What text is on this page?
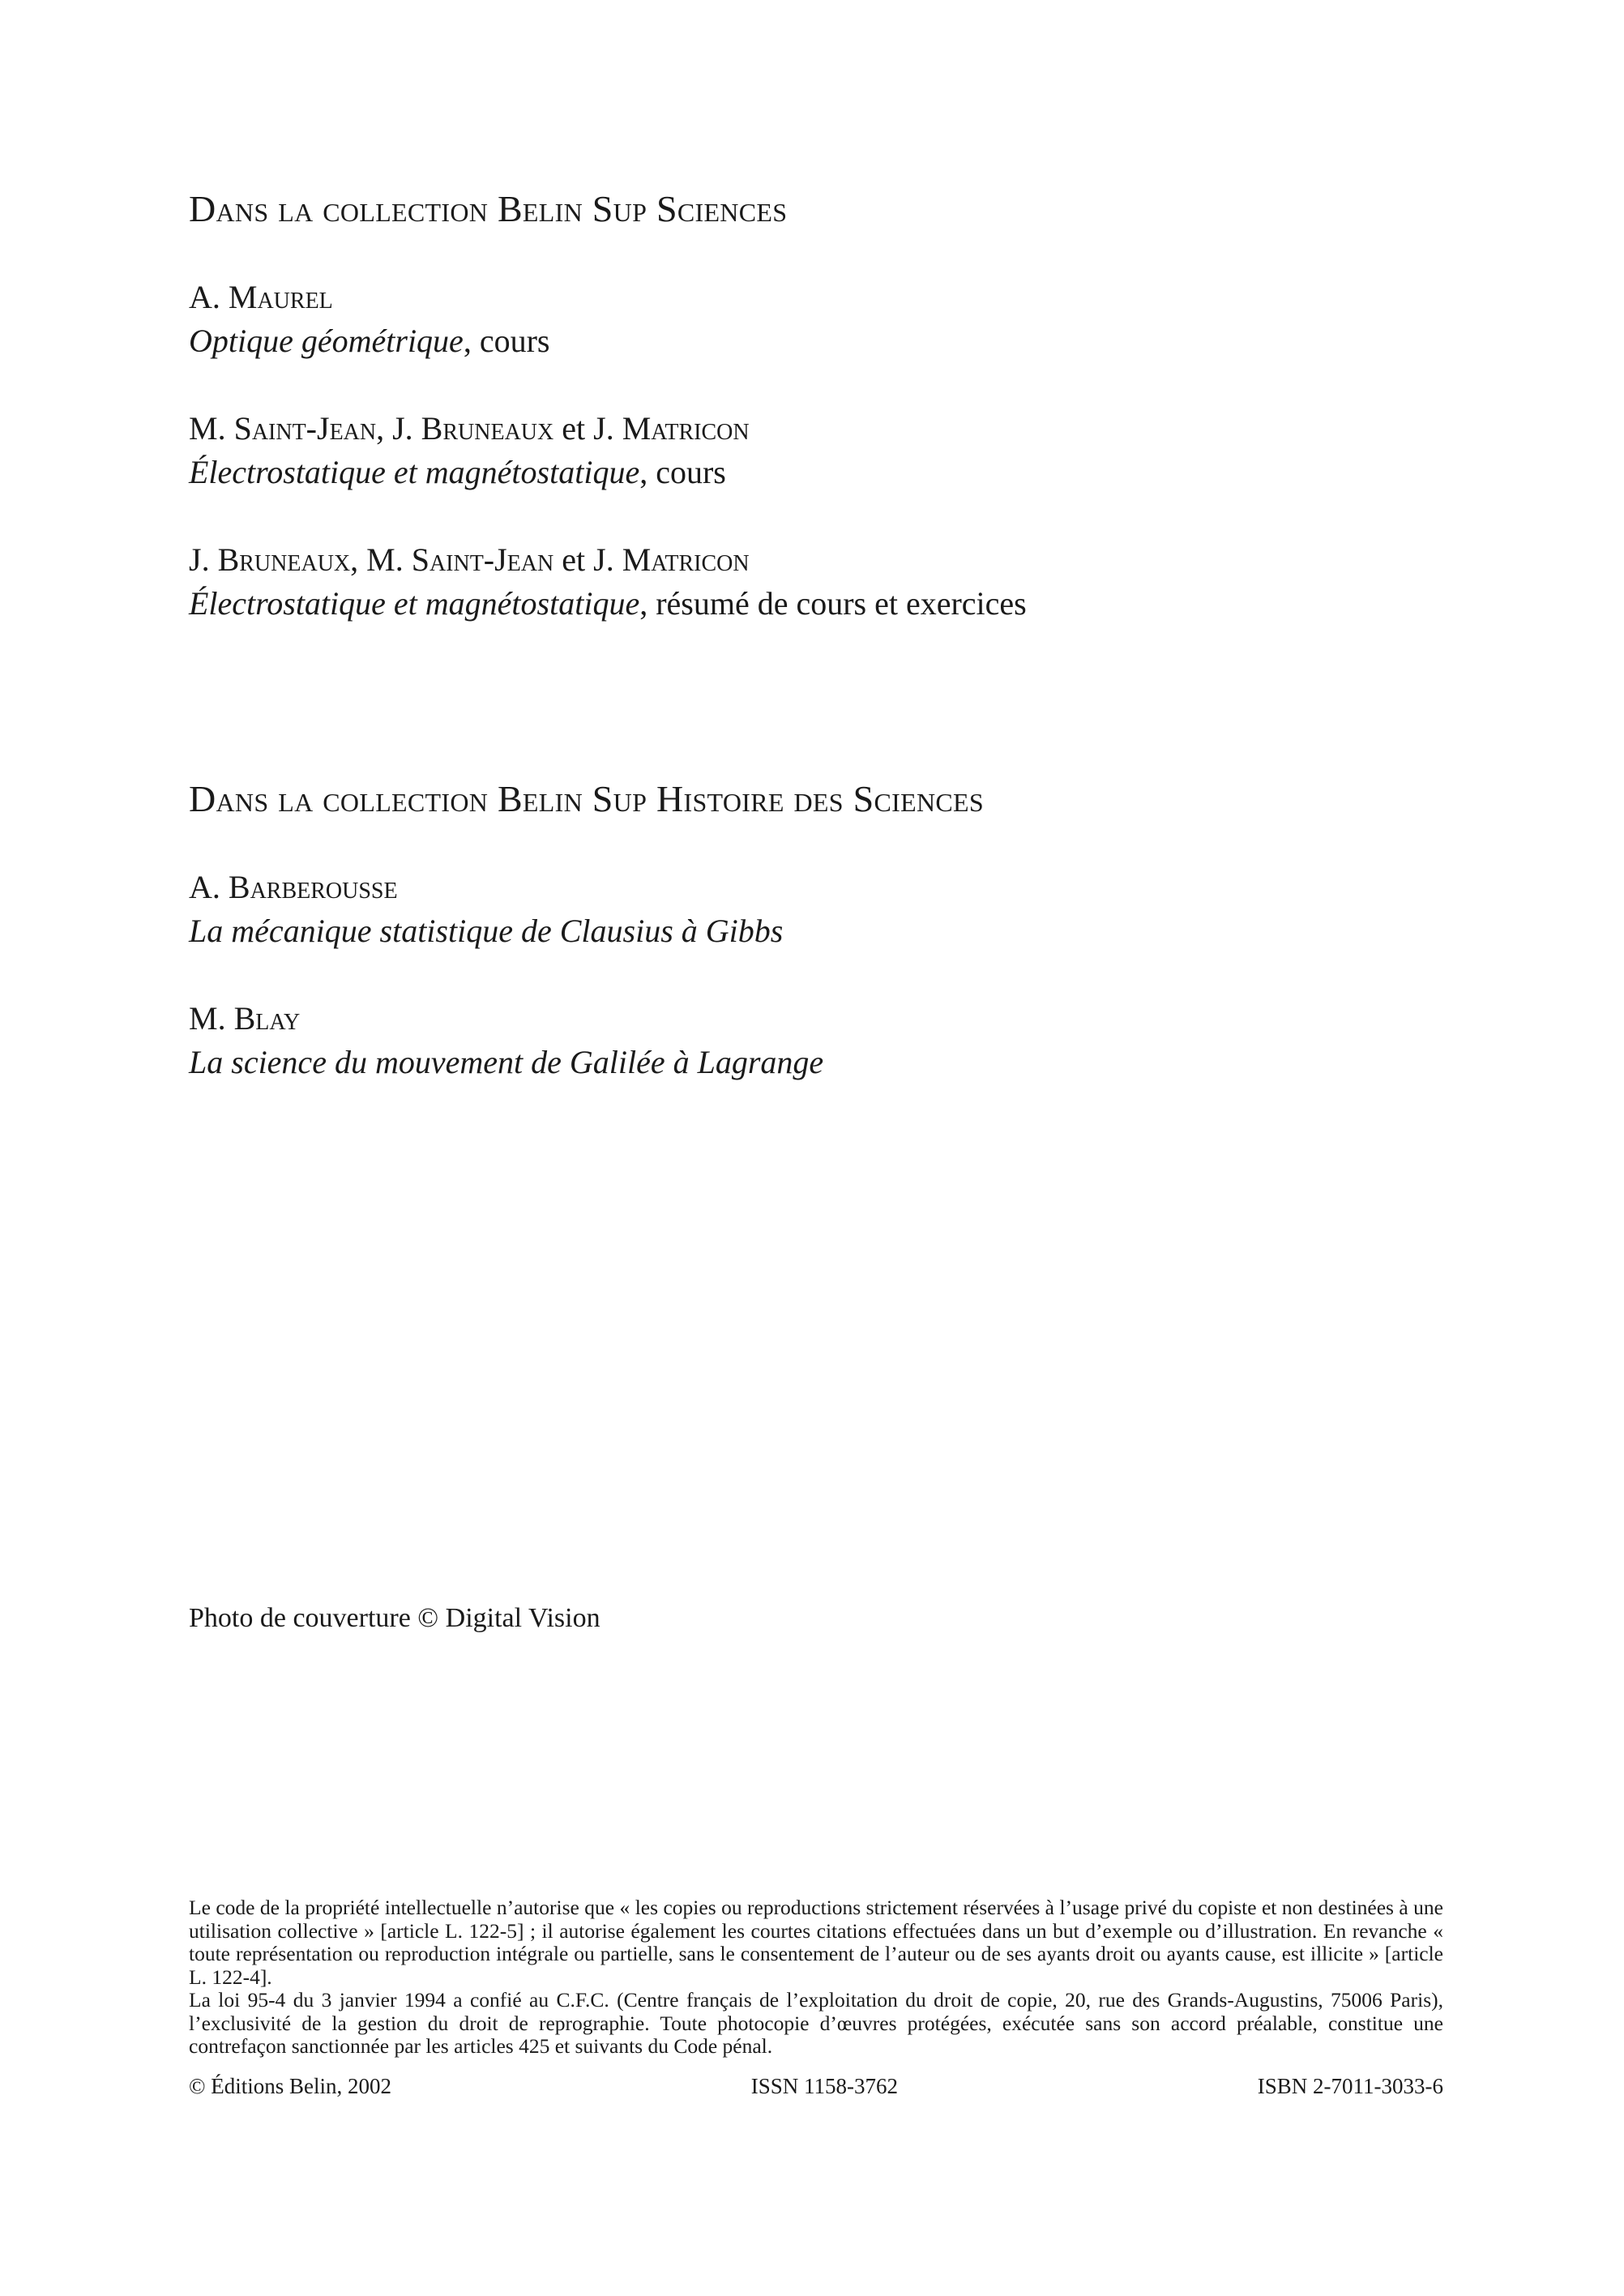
Dans la collection Belin Sup Sciences

A. Maurel

Optique géométrique, cours

M. Saint-Jean, J. Bruneaux et J. Matricon

Électrostatique et magnétostatique, cours

J. Bruneaux, M. Saint-Jean et J. Matricon

Électrostatique et magnétostatique, résumé de cours et exercices

Dans la collection Belin Sup Histoire des Sciences

A. Barberousse

La mécanique statistique de Clausius à Gibbs

M. Blay

La science du mouvement de Galilée à Lagrange

Photo de couverture © Digital Vision

Le code de la propriété intellectuelle n’autorise que « les copies ou reproductions strictement réservées à l’usage privé du copiste et non destinées à une utilisation collective » [article L. 122-5] ; il autorise également les courtes citations effectuées dans un but d’exemple ou d’illustration. En revanche « toute représentation ou reproduction intégrale ou partielle, sans le consentement de l’auteur ou de ses ayants droit ou ayants cause, est illicite » [article L. 122-4].

La loi 95-4 du 3 janvier 1994 a confié au C.F.C. (Centre français de l’exploitation du droit de copie, 20, rue des Grands-Augustins, 75006 Paris), l’exclusivité de la gestion du droit de reprographie. Toute photocopie d’œuvres protégées, exécutée sans son accord préalable, constitue une contrefaçon sanctionnée par les articles 425 et suivants du Code pénal.

© Éditions Belin, 2002	ISSN 1158-3762	ISBN 2-7011-3033-6
